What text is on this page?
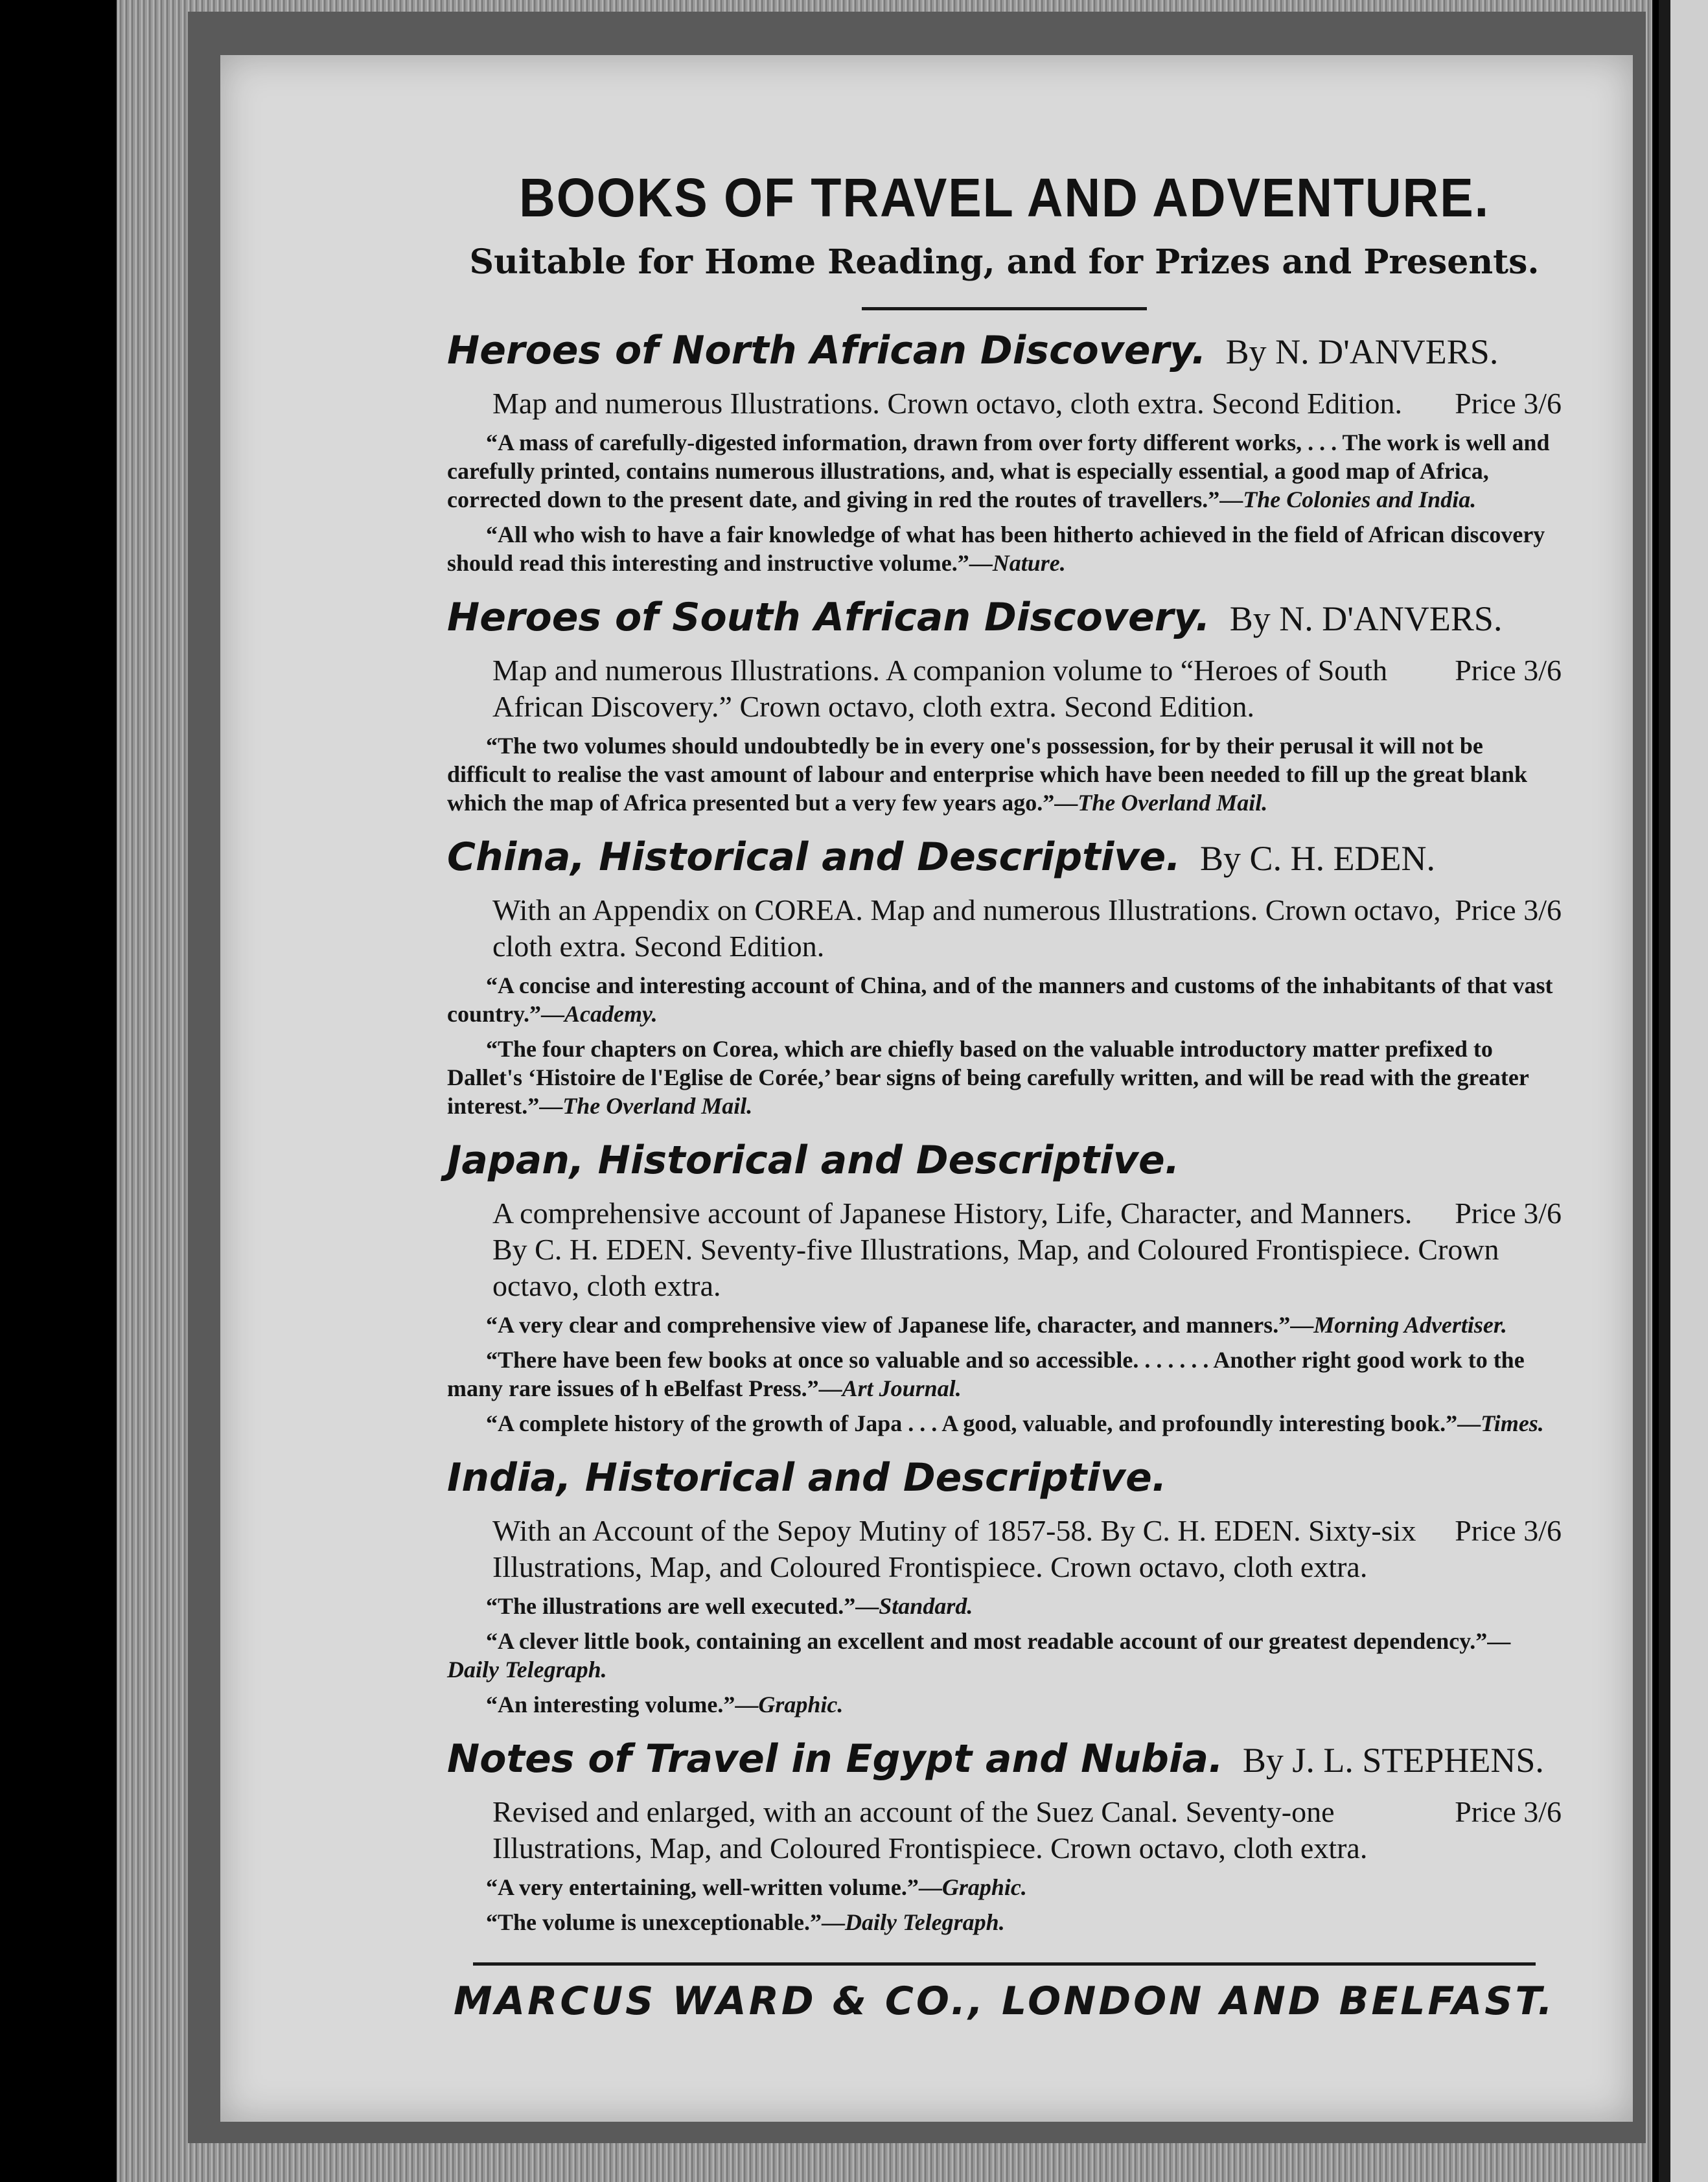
BOOKS OF TRAVEL AND ADVENTURE.
Suitable for Home Reading, and for Prizes and Presents.
Heroes of North African Discovery. By N. D'ANVERS.
Price 3/6
Map and numerous Illustrations. Crown octavo, cloth extra. Second Edition.

“A mass of carefully-digested information, drawn from over forty different works, . . . The work is well and carefully printed, contains numerous illustrations, and, what is especially essential, a good map of Africa, corrected down to the present date, and giving in red the routes of travellers.”—The Colonies and India.

“All who wish to have a fair knowledge of what has been hitherto achieved in the field of African discovery should read this interesting and instructive volume.”—Nature.

Heroes of South African Discovery. By N. D'ANVERS.
Price 3/6
Map and numerous Illustrations. A companion volume to “Heroes of South African Discovery.” Crown octavo, cloth extra. Second Edition.

“The two volumes should undoubtedly be in every one's possession, for by their perusal it will not be difficult to realise the vast amount of labour and enterprise which have been needed to fill up the great blank which the map of Africa presented but a very few years ago.”—The Overland Mail.

China, Historical and Descriptive. By C. H. EDEN.
Price 3/6
With an Appendix on COREA. Map and numerous Illustrations. Crown octavo, cloth extra. Second Edition.

“A concise and interesting account of China, and of the manners and customs of the inhabitants of that vast country.”—Academy.

“The four chapters on Corea, which are chiefly based on the valuable introductory matter prefixed to Dallet's ‘Histoire de l'Eglise de Corée,’ bear signs of being carefully written, and will be read with the greater interest.”—The Overland Mail.

Japan, Historical and Descriptive.
Price 3/6
A comprehensive account of Japanese History, Life, Character, and Manners. By C. H. EDEN. Seventy-five Illustrations, Map, and Coloured Frontispiece. Crown octavo, cloth extra.

“A very clear and comprehensive view of Japanese life, character, and manners.”—Morning Advertiser.

“There have been few books at once so valuable and so accessible. . . . . . . Another right good work to the many rare issues of h eBelfast Press.”—Art Journal.

“A complete history of the growth of Japa . . . A good, valuable, and profoundly interesting book.”—Times.

India, Historical and Descriptive.
Price 3/6
With an Account of the Sepoy Mutiny of 1857-58. By C. H. EDEN. Sixty-six Illustrations, Map, and Coloured Frontispiece. Crown octavo, cloth extra.

“The illustrations are well executed.”—Standard.

“A clever little book, containing an excellent and most readable account of our greatest dependency.”—Daily Telegraph.

“An interesting volume.”—Graphic.

Notes of Travel in Egypt and Nubia. By J. L. STEPHENS.
Price 3/6
Revised and enlarged, with an account of the Suez Canal. Seventy-one Illustrations, Map, and Coloured Frontispiece. Crown octavo, cloth extra.

“A very entertaining, well-written volume.”—Graphic.

“The volume is unexceptionable.”—Daily Telegraph.

MARCUS WARD & CO., LONDON AND BELFAST.
